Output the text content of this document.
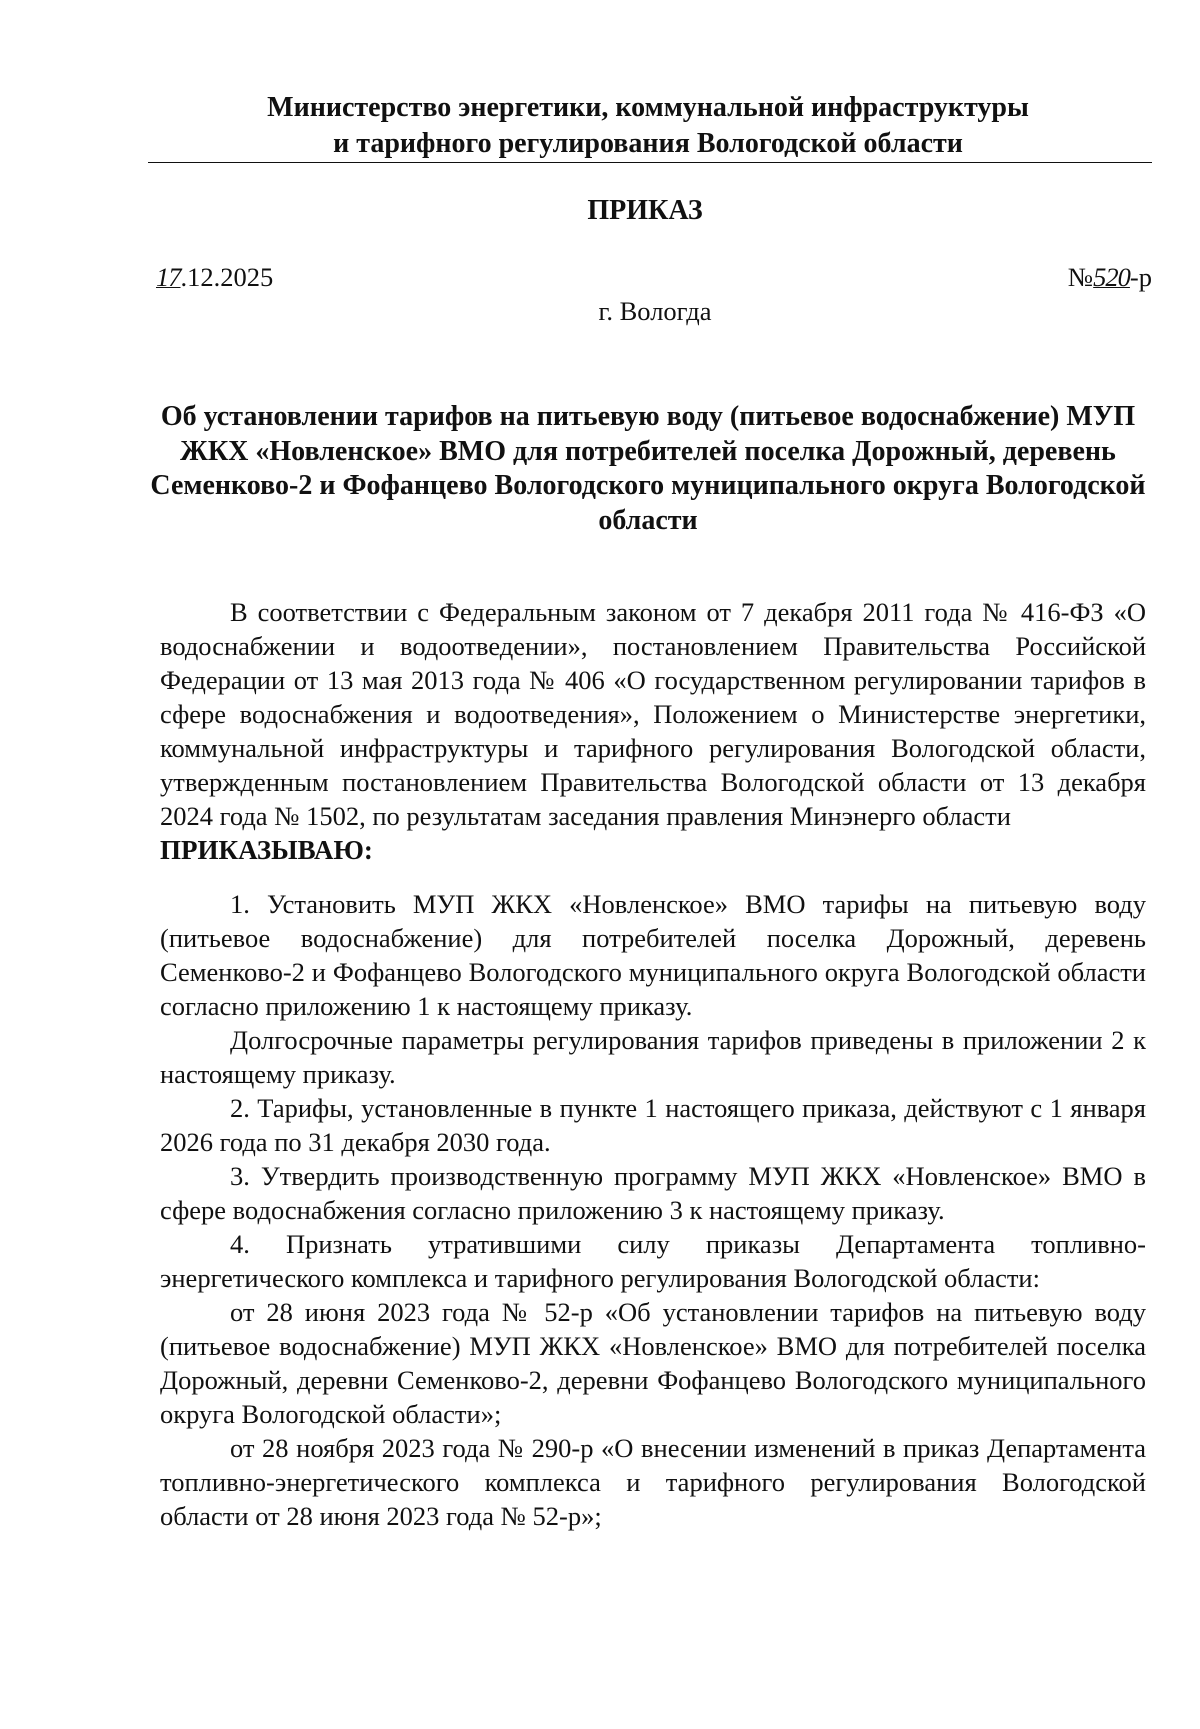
Министерство энергетики, коммунальной инфраструктуры
и тарифного регулирования Вологодской области
ПРИКАЗ
17.12.2025	№520-р
г. Вологда
Об установлении тарифов на питьевую воду (питьевое водоснабжение) МУП ЖКХ «Новленское» ВМО для потребителей поселка Дорожный, деревень Семенково-2 и Фофанцево Вологодского муниципального округа Вологодской области

В соответствии с Федеральным законом от 7 декабря 2011 года № 416-ФЗ «О водоснабжении и водоотведении», постановлением Правительства Российской Федерации от 13 мая 2013 года № 406 «О государственном регулировании тарифов в сфере водоснабжения и водоотведения», Положением о Министерстве энергетики, коммунальной инфраструктуры и тарифного регулирования Вологодской области, утвержденным постановлением Правительства Вологодской области от 13 декабря 2024 года № 1502, по результатам заседания правления Минэнерго области

ПРИКАЗЫВАЮ:

1. Установить МУП ЖКХ «Новленское» ВМО тарифы на питьевую воду (питьевое водоснабжение) для потребителей поселка Дорожный, деревень Семенково-2 и Фофанцево Вологодского муниципального округа Вологодской области согласно приложению 1 к настоящему приказу.

Долгосрочные параметры регулирования тарифов приведены в приложении 2 к настоящему приказу.

2. Тарифы, установленные в пункте 1 настоящего приказа, действуют с 1 января 2026 года по 31 декабря 2030 года.

3. Утвердить производственную программу МУП ЖКХ «Новленское» ВМО в сфере водоснабжения согласно приложению 3 к настоящему приказу.

4. Признать утратившими силу приказы Департамента топливно-энергетического комплекса и тарифного регулирования Вологодской области:

от 28 июня 2023 года № 52-р «Об установлении тарифов на питьевую воду (питьевое водоснабжение) МУП ЖКХ «Новленское» ВМО для потребителей поселка Дорожный, деревни Семенково-2, деревни Фофанцево Вологодского муниципального округа Вологодской области»;

от 28 ноября 2023 года № 290-р «О внесении изменений в приказ Департамента топливно-энергетического комплекса и тарифного регулирования Вологодской области от 28 июня 2023 года № 52-р»;
